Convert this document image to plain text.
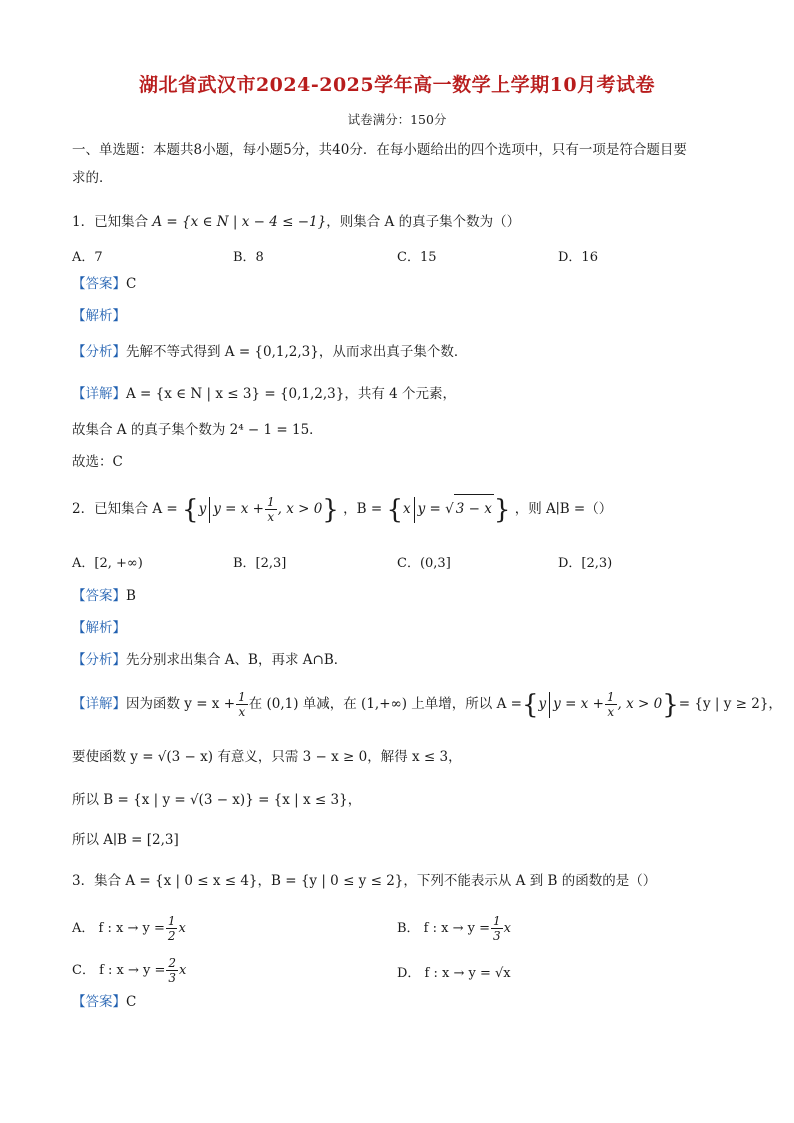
湖北省武汉市2024-2025学年高一数学上学期10月考试卷
试卷满分：150分
一、单选题：本题共8小题，每小题5分，共40分．在每小题给出的四个选项中，只有一项是符合题目要
求的．
1．已知集合 A = {x ∈ N | x − 4 ≤ −1}，则集合 A 的真子集个数为（）
A．7	B．8	C．15	D．16
【答案】C
【解析】
【分析】先解不等式得到 A = {0,1,2,3}，从而求出真子集个数．
【详解】A = {x ∈ N | x ≤ 3} = {0,1,2,3}，共有 4 个元素，
故集合 A 的真子集个数为 2⁴ − 1 = 15．
故选：C
2．已知集合 A = {y $y = x + \frac{1}{x}$ , x > 0} ，B = {x y = √ 3 − x} ，则 A∣B =（）
A．[2, +∞)	B．[2,3]	C．(0,3]	D．[2,3)
【答案】B
【解析】
【分析】先分别求出集合 A、B，再求 A∩B．
【详解】因为函数 $y = x + \frac{1}{x}$ 在 (0,1) 单减，在 (1,+∞) 上单增，所以 A ={y $y = x + \frac{1}{x}$ , x > 0}= {y | y ≥ 2}，
要使函数 y = √(3 − x) 有意义，只需 3 − x ≥ 0，解得 x ≤ 3，
所以 B = {x | y = √(3 − x)} = {x | x ≤ 3}，
所以 A∣B = [2,3]
3．集合 A = {x | 0 ≤ x ≤ 4}，B = {y | 0 ≤ y ≤ 2}，下列不能表示从 A 到 B 的函数的是（）
A． f : $x \to y = \frac{1}{2}$ x	B． f : $x \to y = \frac{1}{3}$ x
C． f : $x \to y = \frac{2}{3}$ x	D． f : x → y = √x
【答案】C
